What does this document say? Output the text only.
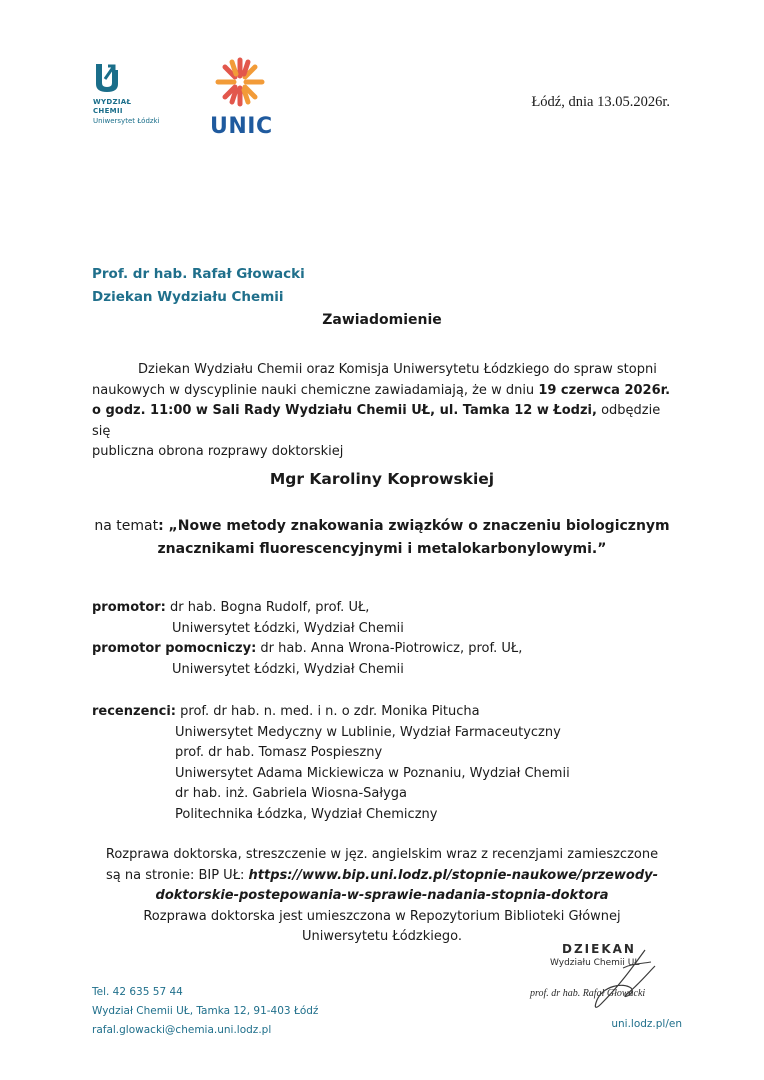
WYDZIAŁ
CHEMII
Uniwersytet Łódzki	UNIC
Łódź, dnia 13.05.2026r.
Prof. dr hab. Rafał Głowacki
Dziekan Wydziału Chemii
Zawiadomienie
Dziekan Wydziału Chemii oraz Komisja Uniwersytetu Łódzkiego do spraw stopni
naukowych w dyscyplinie nauki chemiczne zawiadamiają, że w dniu 19 czerwca 2026r.
o godz. 11:00 w Sali Rady Wydziału Chemii UŁ, ul. Tamka 12 w Łodzi, odbędzie się
publiczna obrona rozprawy doktorskiej
Mgr Karoliny Koprowskiej
na temat: „Nowe metody znakowania związków o znaczeniu biologicznym
znacznikami fluorescencyjnymi i metalokarbonylowymi.”
promotor: dr hab. Bogna Rudolf, prof. UŁ,
Uniwersytet Łódzki, Wydział Chemii
promotor pomocniczy: dr hab. Anna Wrona-Piotrowicz, prof. UŁ,
Uniwersytet Łódzki, Wydział Chemii
recenzenci: prof. dr hab. n. med. i n. o zdr. Monika Pitucha
Uniwersytet Medyczny w Lublinie, Wydział Farmaceutyczny
prof. dr hab. Tomasz Pospieszny
Uniwersytet Adama Mickiewicza w Poznaniu, Wydział Chemii
dr hab. inż. Gabriela Wiosna-Sałyga
Politechnika Łódzka, Wydział Chemiczny
Rozprawa doktorska, streszczenie w jęz. angielskim wraz z recenzjami zamieszczone
są na stronie: BIP UŁ: https://www.bip.uni.lodz.pl/stopnie-naukowe/przewody-
doktorskie-postepowania-w-sprawie-nadania-stopnia-doktora
Rozprawa doktorska jest umieszczona w Repozytorium Biblioteki Głównej
Uniwersytetu Łódzkiego.
DZIEKAN
Wydziału Chemii UŁ
prof. dr hab. Rafał Głowacki
Tel. 42 635 57 44
Wydział Chemii UŁ, Tamka 12, 91-403 Łódź
rafal.glowacki@chemia.uni.lodz.pl	uni.lodz.pl/en
